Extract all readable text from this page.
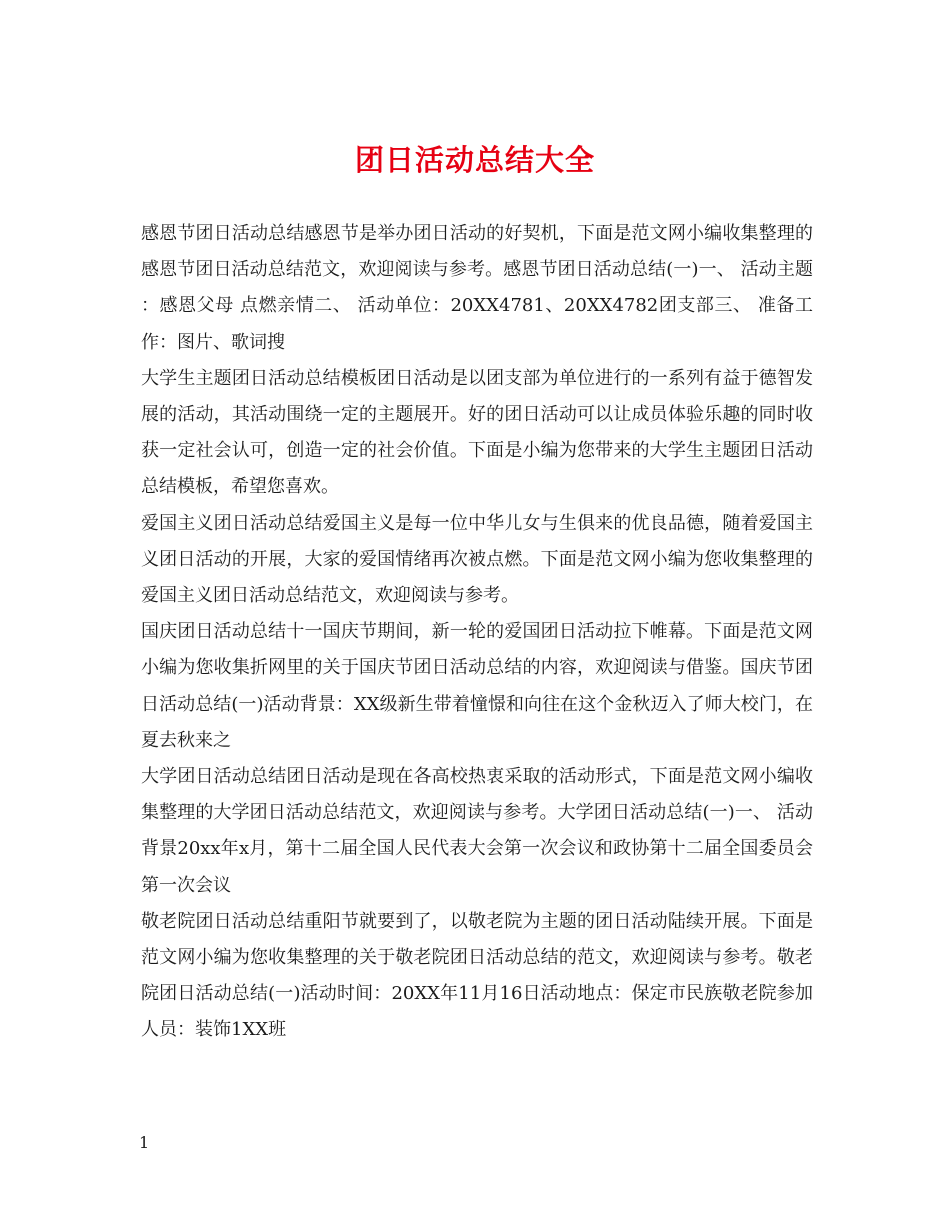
团日活动总结大全

感恩节团日活动总结感恩节是举办团日活动的好契机，下面是范文网小编收集整理的感恩节团日活动总结范文，欢迎阅读与参考。感恩节团日活动总结(一)一、 活动主题：感恩父母 点燃亲情二、 活动单位：20XX4781、20XX4782团支部三、 准备工作：图片、歌词搜

大学生主题团日活动总结模板团日活动是以团支部为单位进行的一系列有益于德智发展的活动，其活动围绕一定的主题展开。好的团日活动可以让成员体验乐趣的同时收获一定社会认可，创造一定的社会价值。下面是小编为您带来的大学生主题团日活动总结模板，希望您喜欢。

爱国主义团日活动总结爱国主义是每一位中华儿女与生俱来的优良品德，随着爱国主义团日活动的开展，大家的爱国情绪再次被点燃。下面是范文网小编为您收集整理的爱国主义团日活动总结范文，欢迎阅读与参考。

国庆团日活动总结十一国庆节期间，新一轮的爱国团日活动拉下帷幕。下面是范文网小编为您收集折网里的关于国庆节团日活动总结的内容，欢迎阅读与借鉴。国庆节团日活动总结(一)活动背景：XX级新生带着憧憬和向往在这个金秋迈入了师大校门，在夏去秋来之

大学团日活动总结团日活动是现在各高校热衷采取的活动形式，下面是范文网小编收集整理的大学团日活动总结范文，欢迎阅读与参考。大学团日活动总结(一)一、 活动背景20xx年x月，第十二届全国人民代表大会第一次会议和政协第十二届全国委员会第一次会议

敬老院团日活动总结重阳节就要到了，以敬老院为主题的团日活动陆续开展。下面是范文网小编为您收集整理的关于敬老院团日活动总结的范文，欢迎阅读与参考。敬老院团日活动总结(一)活动时间：20XX年11月16日活动地点：保定市民族敬老院参加人员：装饰1XX班

1
